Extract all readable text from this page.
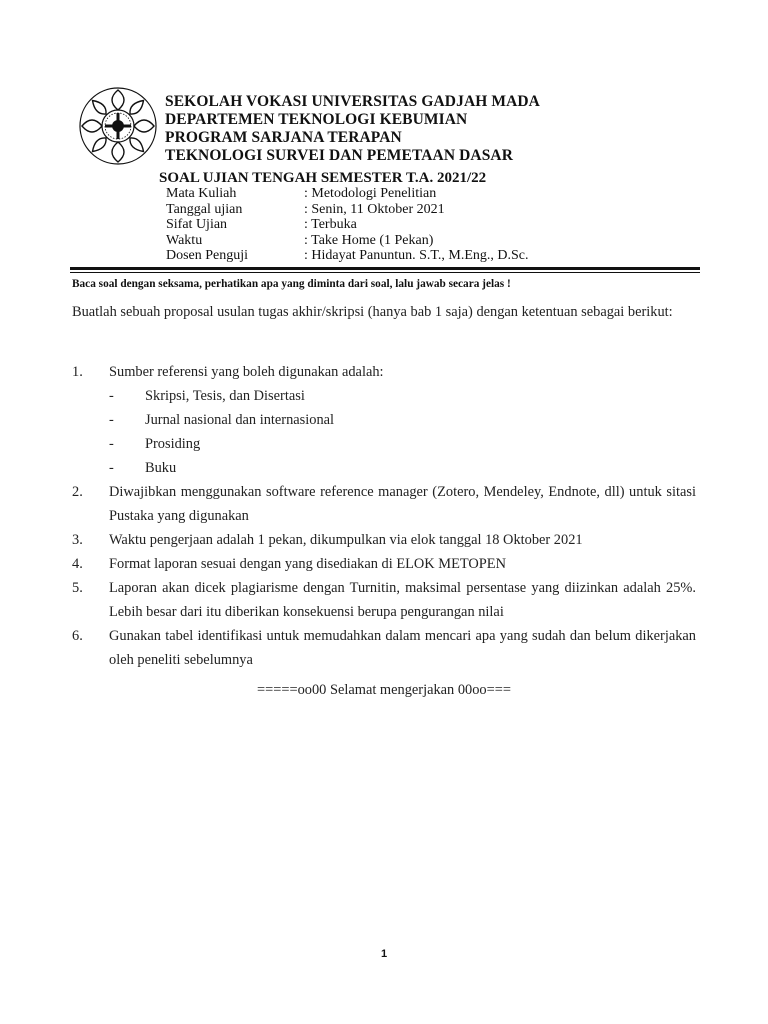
SEKOLAH VOKASI UNIVERSITAS GADJAH MADA
DEPARTEMEN TEKNOLOGI KEBUMIAN
PROGRAM SARJANA TERAPAN
TEKNOLOGI SURVEI DAN PEMETAAN DASAR
SOAL UJIAN TENGAH SEMESTER T.A. 2021/22
Mata Kuliah	: Metodologi Penelitian
Tanggal ujian	: Senin, 11 Oktober 2021
Sifat Ujian	: Terbuka
Waktu	: Take Home (1 Pekan)
Dosen Penguji	: Hidayat Panuntun. S.T., M.Eng., D.Sc.
Baca soal dengan seksama, perhatikan apa yang diminta dari soal, lalu jawab secara jelas !
Buatlah sebuah proposal usulan tugas akhir/skripsi (hanya bab 1 saja) dengan ketentuan sebagai berikut:
1. Sumber referensi yang boleh digunakan adalah:
- Skripsi, Tesis, dan Disertasi
- Jurnal nasional dan internasional
- Prosiding
- Buku
2. Diwajibkan menggunakan software reference manager (Zotero, Mendeley, Endnote, dll) untuk sitasi Pustaka yang digunakan
3. Waktu pengerjaan adalah 1 pekan, dikumpulkan via elok tanggal 18 Oktober 2021
4. Format laporan sesuai dengan yang disediakan di ELOK METOPEN
5. Laporan akan dicek plagiarisme dengan Turnitin, maksimal persentase yang diizinkan adalah 25%. Lebih besar dari itu diberikan konsekuensi berupa pengurangan nilai
6. Gunakan tabel identifikasi untuk memudahkan dalam mencari apa yang sudah dan belum dikerjakan oleh peneliti sebelumnya
=====oo00 Selamat mengerjakan 00oo===
1
